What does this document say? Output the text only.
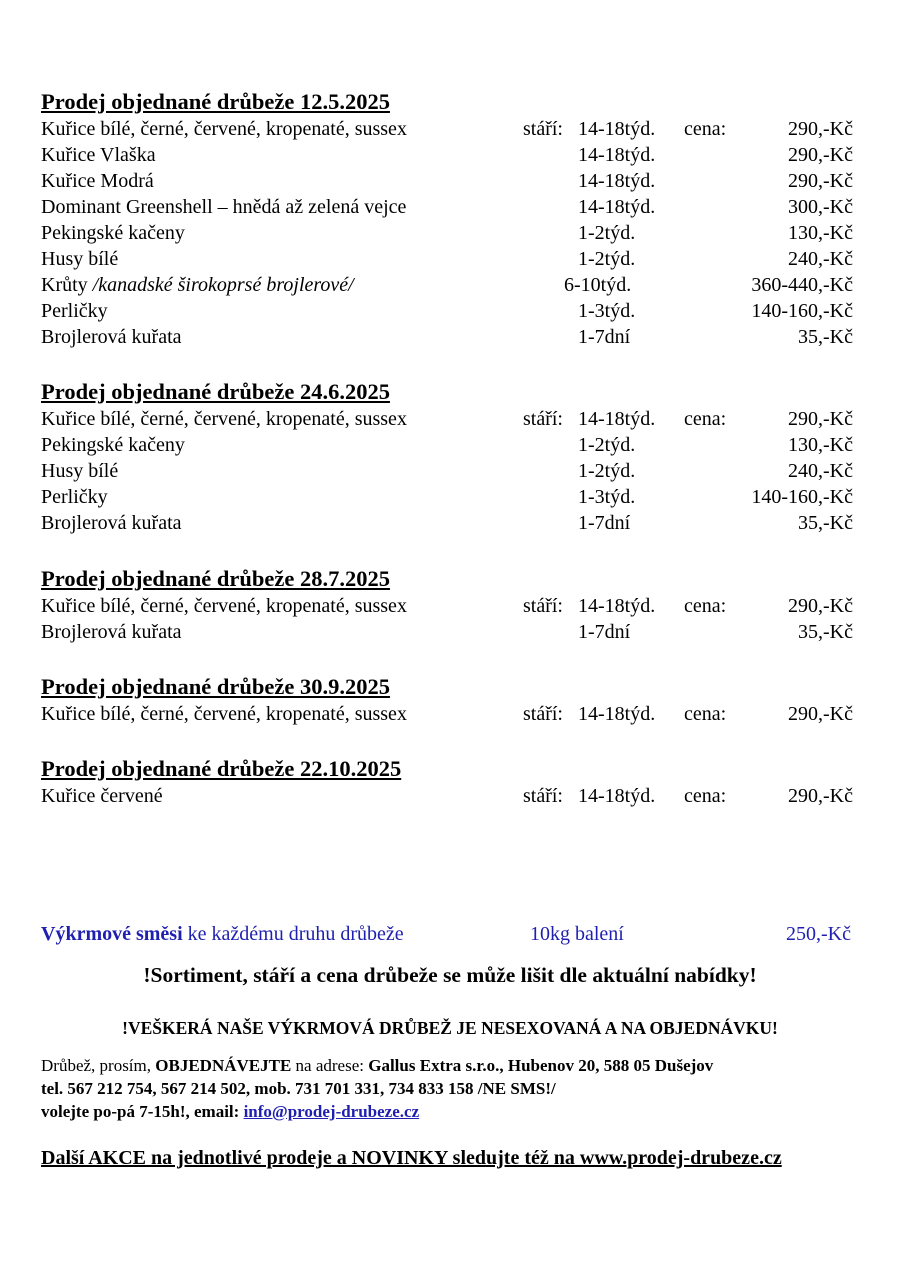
Prodej objednané drůbeže 12.5.2025
Kuřice bílé, černé, červené, kropenaté, sussex	stáří: 14-18týd. cena:	290,-Kč
Kuřice Vlaška	14-18týd.	290,-Kč
Kuřice Modrá	14-18týd.	290,-Kč
Dominant Greenshell – hnědá až zelená vejce	14-18týd.	300,-Kč
Pekingské kačeny	1-2týd.	130,-Kč
Husy bílé	1-2týd.	240,-Kč
Krůty /kanadské širokoprsé brojlerové/	6-10týd.	360-440,-Kč
Perličky	1-3týd.	140-160,-Kč
Brojlerová kuřata	1-7dní	35,-Kč
Prodej objednané drůbeže 24.6.2025
Kuřice bílé, černé, červené, kropenaté, sussex	stáří: 14-18týd. cena:	290,-Kč
Pekingské kačeny	1-2týd.	130,-Kč
Husy bílé	1-2týd.	240,-Kč
Perličky	1-3týd.	140-160,-Kč
Brojlerová kuřata	1-7dní	35,-Kč
Prodej objednané drůbeže 28.7.2025
Kuřice bílé, černé, červené, kropenaté, sussex	stáří: 14-18týd. cena:	290,-Kč
Brojlerová kuřata	1-7dní	35,-Kč
Prodej objednané drůbeže 30.9.2025
Kuřice bílé, černé, červené, kropenaté, sussex	stáří: 14-18týd. cena:	290,-Kč
Prodej objednané drůbeže 22.10.2025
Kuřice červené	stáří: 14-18týd. cena:	290,-Kč
Výkrmové směsi ke každému druhu drůbeže	10kg balení	250,-Kč
!Sortiment, stáří a cena drůbeže se může lišit dle aktuální nabídky!
!VEŠKERÁ NAŠE VÝKRMOVÁ DRŮBEŽ JE NESEXOVANÁ A NA OBJEDNÁVKU!
Drůbež, prosím, OBJEDNÁVEJTE na adrese: Gallus Extra s.r.o., Hubenov 20, 588 05 Dušejov
tel. 567 212 754, 567 214 502, mob. 731 701 331, 734 833 158 /NE SMS!/
volejte po-pá 7-15h!, email: info@prodej-drubeze.cz
Další AKCE na jednotlivé prodeje a NOVINKY sledujte též na www.prodej-drubeze.cz
